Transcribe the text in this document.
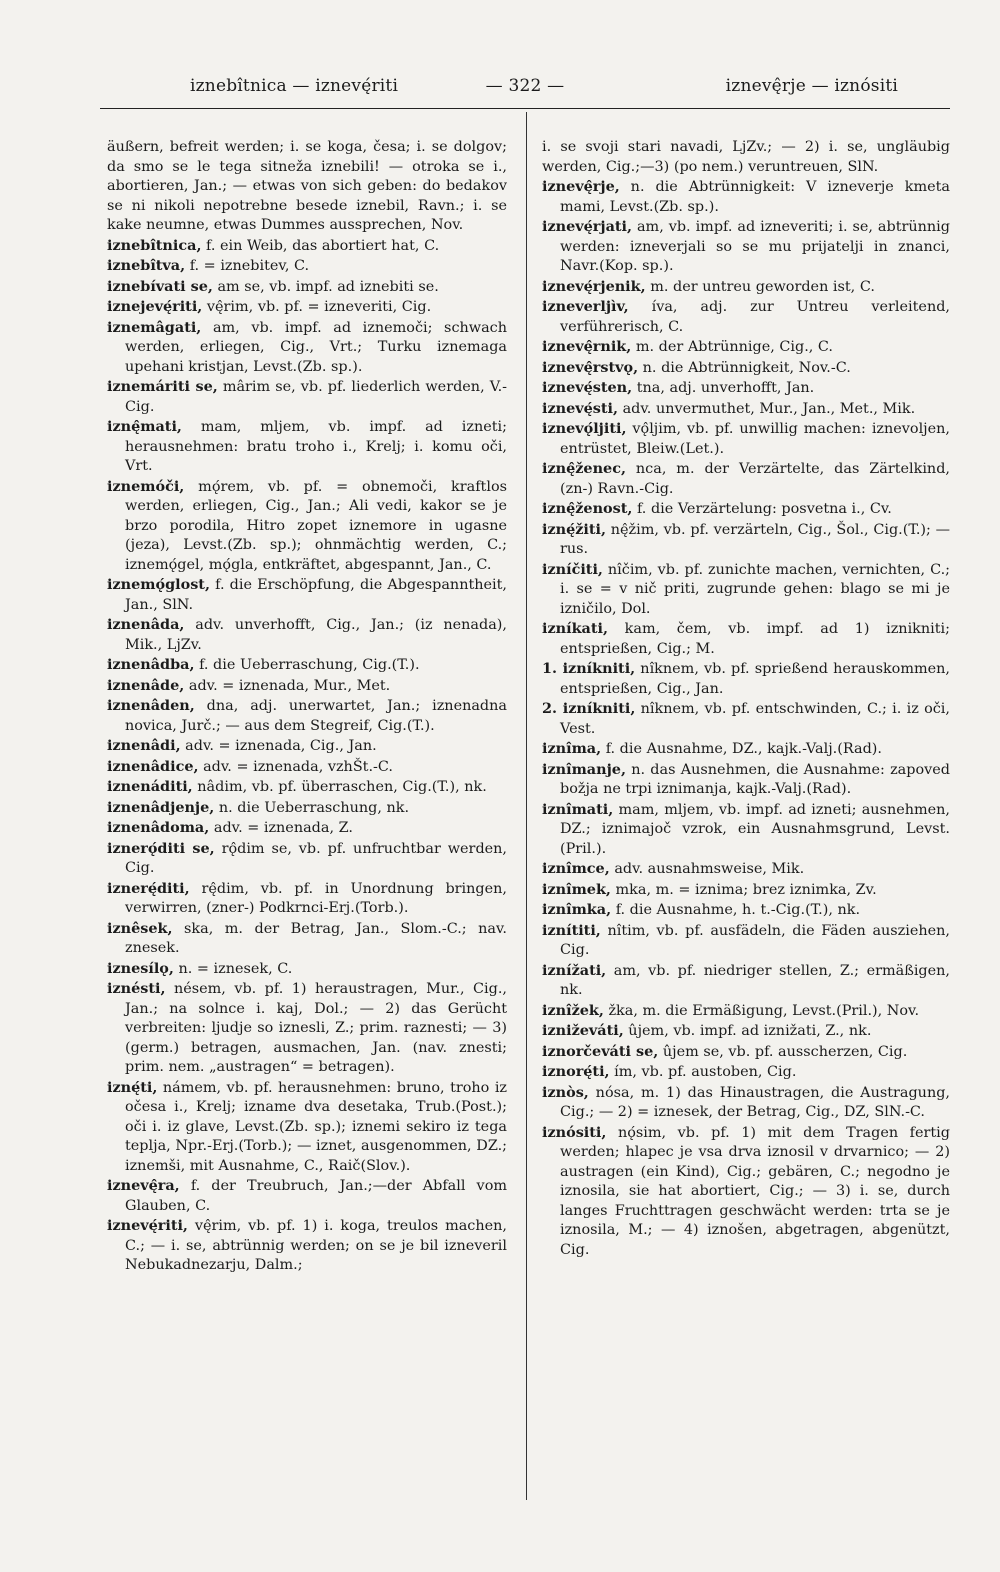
iznebîtnica — iznevę́riti	— 322 —	iznevę̂rje — iznósiti

äußern, befreit werden; i. se koga, česa; i. se dolgov; da smo se le tega sitneža iznebili! — otroka se i., abortieren, Jan.; — etwas von sich geben: do bedakov se ni nikoli nepotrebne besede iznebil, Ravn.; i. se kake neumne, etwas Dummes aussprechen, Nov.

iznebîtnica, f. ein Weib, das abortiert hat, C.

iznebîtva, f. = iznebitev, C.

iznebívati se, am se, vb. impf. ad iznebiti se.

iznejevę́riti, vę̂rim, vb. pf. = izneveriti, Cig.

iznemâgati, am, vb. impf. ad iznemoči; schwach werden, erliegen, Cig., Vrt.; Turku iznemaga upehani kristjan, Levst.(Zb. sp.).

iznemáriti se, mârim se, vb. pf. liederlich werden, V.-Cig.

iznę̂mati, mam, mljem, vb. impf. ad izneti; herausnehmen: bratu troho i., Krelj; i. komu oči, Vrt.

iznemóči, mǫ́rem, vb. pf. = obnemoči, kraftlos werden, erliegen, Cig., Jan.; Ali vedi, kakor se je brzo porodila, Hitro zopet iznemore in ugasne (jeza), Levst.(Zb. sp.); ohnmächtig werden, C.; iznemǫ́gel, mǫ́gla, entkräftet, abgespannt, Jan., C.

iznemǫ́glost, f. die Erschöpfung, die Abgespanntheit, Jan., SlN.

iznenâda, adv. unverhofft, Cig., Jan.; (iz nenada), Mik., LjZv.

iznenâdba, f. die Ueberraschung, Cig.(T.).

iznenâde, adv. = iznenada, Mur., Met.

iznenâden, dna, adj. unerwartet, Jan.; iznenadna novica, Jurč.; — aus dem Stegreif, Cig.(T.).

iznenâdi, adv. = iznenada, Cig., Jan.

iznenâdice, adv. = iznenada, vzhŠt.-C.

iznenáditi, nâdim, vb. pf. überraschen, Cig.(T.), nk.

iznenâdjenje, n. die Ueberraschung, nk.

iznenâdoma, adv. = iznenada, Z.

iznerǫ́diti se, rǫ̂dim se, vb. pf. unfruchtbar werden, Cig.

iznerę́diti, rę̂dim, vb. pf. in Unordnung bringen, verwirren, (zner-) Podkrnci-Erj.(Torb.).

iznêsek, ska, m. der Betrag, Jan., Slom.-C.; nav. znesek.

iznesílǫ, n. = iznesek, C.

iznésti, nésem, vb. pf. 1) heraustragen, Mur., Cig., Jan.; na solnce i. kaj, Dol.; — 2) das Gerücht verbreiten: ljudje so iznesli, Z.; prim. raznesti; — 3) (germ.) betragen, ausmachen, Jan. (nav. znesti; prim. nem. „austragen“ = betragen).

iznę́ti, námem, vb. pf. herausnehmen: bruno, troho iz očesa i., Krelj; izname dva desetaka, Trub.(Post.); oči i. iz glave, Levst.(Zb. sp.); iznemi sekiro iz tega teplja, Npr.-Erj.(Torb.); — iznet, ausgenommen, DZ.; iznemši, mit Ausnahme, C., Raič(Slov.).

iznevę̂ra, f. der Treubruch, Jan.;—der Abfall vom Glauben, C.

iznevę́riti, vę̂rim, vb. pf. 1) i. koga, treulos machen, C.; — i. se, abtrünnig werden; on se je bil izneveril Nebukadnezarju, Dalm.;

i. se svoji stari navadi, LjZv.; — 2) i. se, ungläubig werden, Cig.;—3) (po nem.) veruntreuen, SlN.

iznevę̂rje, n. die Abtrünnigkeit: V izneverje kmeta mami, Levst.(Zb. sp.).

iznevę́rjati, am, vb. impf. ad izneveriti; i. se, abtrünnig werden: izneverjali so se mu prijatelji in znanci, Navr.(Kop. sp.).

iznevę́rjenik, m. der untreu geworden ist, C.

izneverljìv, íva, adj. zur Untreu verleitend, verführerisch, C.

iznevę̂rnik, m. der Abtrünnige, Cig., C.

iznevę̂rstvǫ, n. die Abtrünnigkeit, Nov.-C.

iznevę́sten, tna, adj. unverhofft, Jan.

iznevę́sti, adv. unvermuthet, Mur., Jan., Met., Mik.

iznevǫ́ljiti, vǫ̂ljim, vb. pf. unwillig machen: iznevoljen, entrüstet, Bleiw.(Let.).

iznę̂ženec, nca, m. der Verzärtelte, das Zärtelkind, (zn-) Ravn.-Cig.

iznę̂ženost, f. die Verzärtelung: posvetna i., Cv.

iznę́žiti, nę̂žim, vb. pf. verzärteln, Cig., Šol., Cig.(T.); — rus.

izníčiti, nîčim, vb. pf. zunichte machen, vernichten, C.; i. se = v nič priti, zugrunde gehen: blago se mi je izničilo, Dol.

izníkati, kam, čem, vb. impf. ad 1) iznikniti; entsprießen, Cig.; M.

1. izníkniti, nîknem, vb. pf. sprießend herauskommen, entsprießen, Cig., Jan.

2. izníkniti, nîknem, vb. pf. entschwinden, C.; i. iz oči, Vest.

iznîma, f. die Ausnahme, DZ., kajk.-Valj.(Rad).

iznîmanje, n. das Ausnehmen, die Ausnahme: zapoved božja ne trpi iznimanja, kajk.-Valj.(Rad).

iznîmati, mam, mljem, vb. impf. ad izneti; ausnehmen, DZ.; iznimajoč vzrok, ein Ausnahmsgrund, Levst.(Pril.).

iznîmce, adv. ausnahmsweise, Mik.

iznîmek, mka, m. = iznima; brez iznimka, Zv.

iznîmka, f. die Ausnahme, h. t.-Cig.(T.), nk.

iznítiti, nîtim, vb. pf. ausfädeln, die Fäden ausziehen, Cig.

iznížati, am, vb. pf. niedriger stellen, Z.; ermäßigen, nk.

iznîžek, žka, m. die Ermäßigung, Levst.(Pril.), Nov.

izniževáti, ûjem, vb. impf. ad iznižati, Z., nk.

iznorčeváti se, ûjem se, vb. pf. ausscherzen, Cig.

iznorę́ti, ím, vb. pf. austoben, Cig.

iznòs, nósa, m. 1) das Hinaustragen, die Austragung, Cig.; — 2) = iznesek, der Betrag, Cig., DZ, SlN.-C.

iznósiti, nǫ́sim, vb. pf. 1) mit dem Tragen fertig werden; hlapec je vsa drva iznosil v drvarnico; — 2) austragen (ein Kind), Cig.; gebären, C.; negodno je iznosila, sie hat abortiert, Cig.; — 3) i. se, durch langes Fruchttragen geschwächt werden: trta se je iznosila, M.; — 4) iznošen, abgetragen, abgenützt, Cig.
